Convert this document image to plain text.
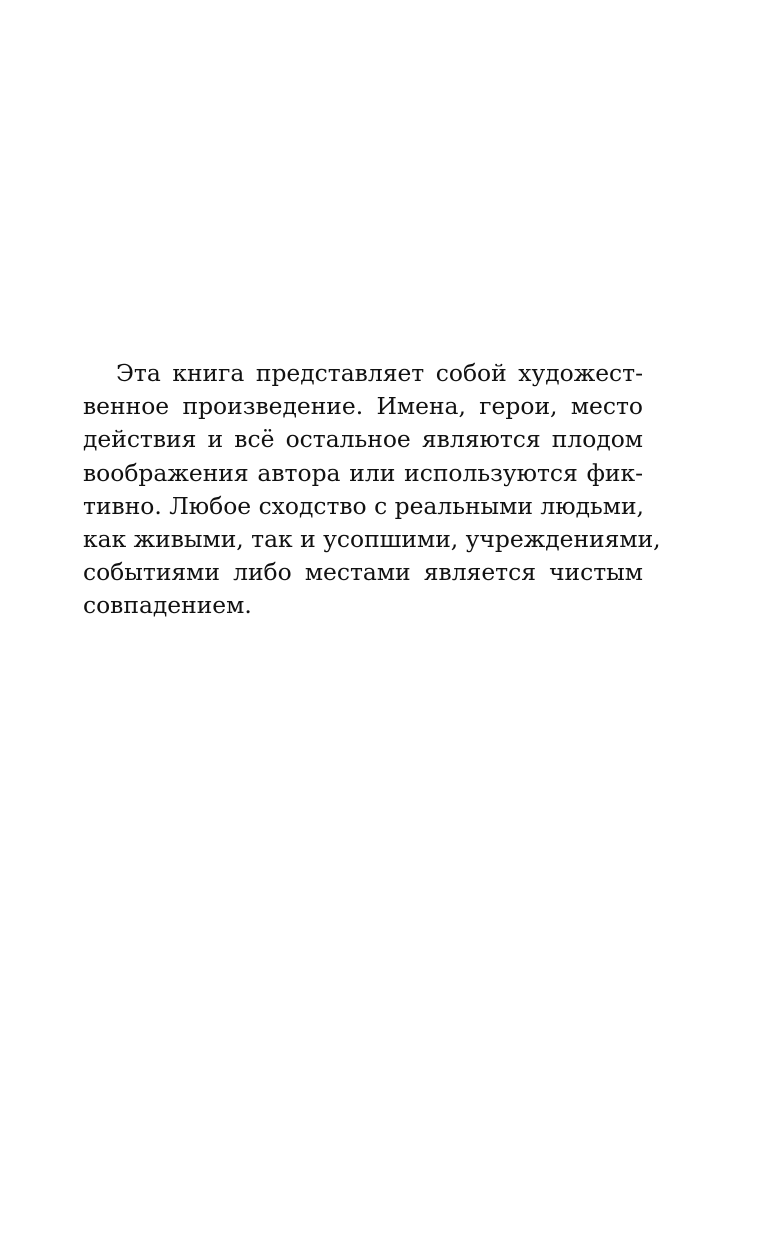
Эта книга представляет собой художест-
венное произведение. Имена, герои, место
действия и всё остальное являются плодом
воображения автора или используются фик-
тивно. Любое сходство с реальными людьми,
как живыми, так и усопшими, учреждениями,
событиями либо местами является чистым
совпадением.
